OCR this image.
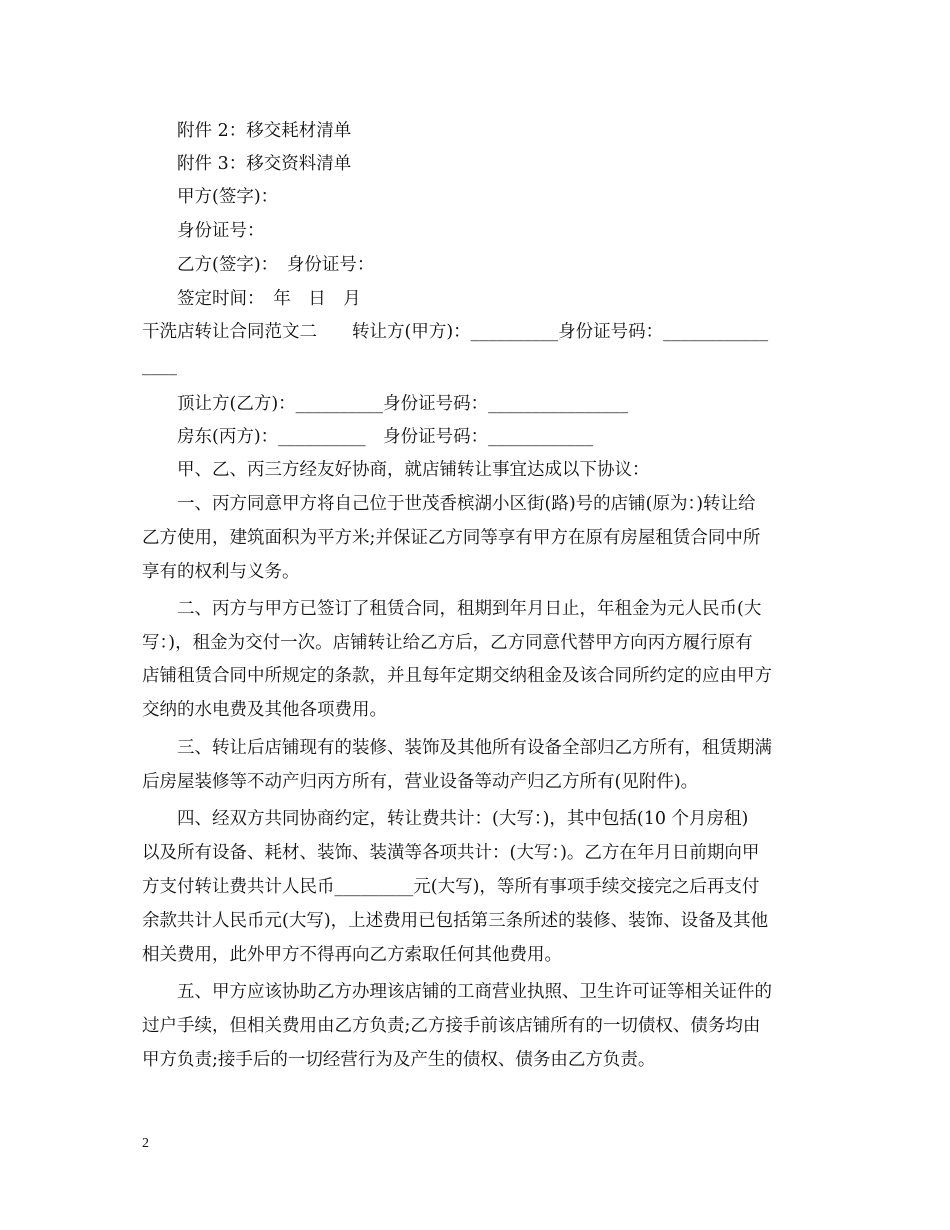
附件 2：移交耗材清单
附件 3：移交资料清单
甲方(签字)：
身份证号：
乙方(签字)：　身份证号：
签定时间：　年　日　月
干洗店转让合同范文二　　转让方(甲方)：__________身份证号码：____________
____
顶让方(乙方)：__________身份证号码：________________
房东(丙方)：__________　身份证号码：____________
甲、乙、丙三方经友好协商，就店铺转让事宜达成以下协议：
一、丙方同意甲方将自己位于世茂香槟湖小区街(路)号的店铺(原为：)转让给
乙方使用，建筑面积为平方米;并保证乙方同等享有甲方在原有房屋租赁合同中所
享有的权利与义务。
二、丙方与甲方已签订了租赁合同，租期到年月日止，年租金为元人民币(大
写：)，租金为交付一次。店铺转让给乙方后，乙方同意代替甲方向丙方履行原有
店铺租赁合同中所规定的条款，并且每年定期交纳租金及该合同所约定的应由甲方
交纳的水电费及其他各项费用。
三、转让后店铺现有的装修、装饰及其他所有设备全部归乙方所有，租赁期满
后房屋装修等不动产归丙方所有，营业设备等动产归乙方所有(见附件)。
四、经双方共同协商约定，转让费共计：(大写：)，其中包括(10 个月房租)
以及所有设备、耗材、装饰、装潢等各项共计：(大写：)。乙方在年月日前期向甲
方支付转让费共计人民币_________元(大写)，等所有事项手续交接完之后再支付
余款共计人民币元(大写)，上述费用已包括第三条所述的装修、装饰、设备及其他
相关费用，此外甲方不得再向乙方索取任何其他费用。
五、甲方应该协助乙方办理该店铺的工商营业执照、卫生许可证等相关证件的
过户手续，但相关费用由乙方负责;乙方接手前该店铺所有的一切债权、债务均由
甲方负责;接手后的一切经营行为及产生的债权、债务由乙方负责。
2
